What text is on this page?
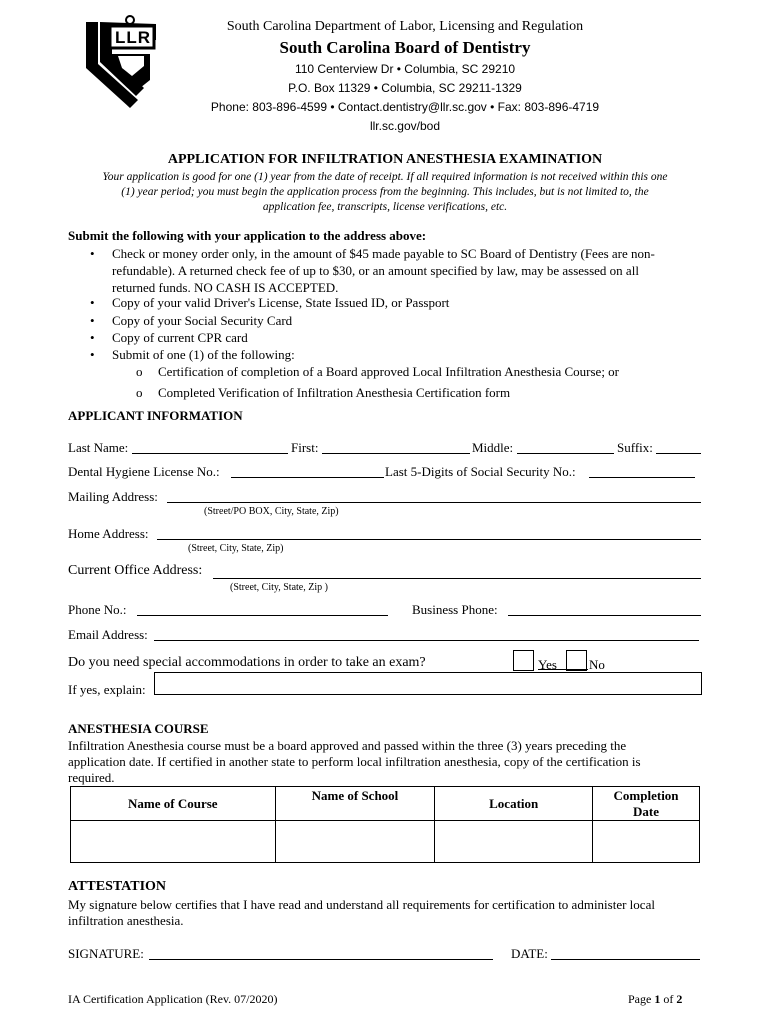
LLR
South Carolina Department of Labor, Licensing and Regulation
South Carolina Board of Dentistry
110 Centerview Dr • Columbia, SC 29210
P.O. Box 11329 • Columbia, SC 29211-1329
Phone: 803-896-4599 • Contact.dentistry@llr.sc.gov • Fax: 803-896-4719
llr.sc.gov/bod
APPLICATION FOR INFILTRATION ANESTHESIA EXAMINATION
Your application is good for one (1) year from the date of receipt. If all required information is not received within this one
(1) year period; you must begin the application process from the beginning. This includes, but is not limited to, the
application fee, transcripts, license verifications, etc.
Submit the following with your application to the address above:
• Check or money order only, in the amount of $45 made payable to SC Board of Dentistry (Fees are non-
refundable). A returned check fee of up to $30, or an amount specified by law, may be assessed on all
returned funds. NO CASH IS ACCEPTED.
• Copy of your valid Driver's License, State Issued ID, or Passport
• Copy of your Social Security Card
• Copy of current CPR card
• Submit of one (1) of the following:
o Certification of completion of a Board approved Local Infiltration Anesthesia Course; or
o Completed Verification of Infiltration Anesthesia Certification form
APPLICANT INFORMATION
Last Name:	First:	Middle:	Suffix:
Dental Hygiene License No.:	Last 5-Digits of Social Security No.:
Mailing Address:
(Street/PO BOX, City, State, Zip)
Home Address:
(Street, City, State, Zip)
Current Office Address:
(Street, City, State, Zip )
Phone No.:	Business Phone:
Email Address:
Do you need special accommodations in order to take an exam?	Yes No
If yes, explain:
ANESTHESIA COURSE
Infiltration Anesthesia course must be a board approved and passed within the three (3) years preceding the
application date. If certified in another state to perform local infiltration anesthesia, copy of the certification is
required.
Name of Course	Name of School	Location	Completion
Date

ATTESTATION
My signature below certifies that I have read and understand all requirements for certification to administer local
infiltration anesthesia.
SIGNATURE:	DATE:
IA Certification Application (Rev. 07/2020)	Page 1 of 2
